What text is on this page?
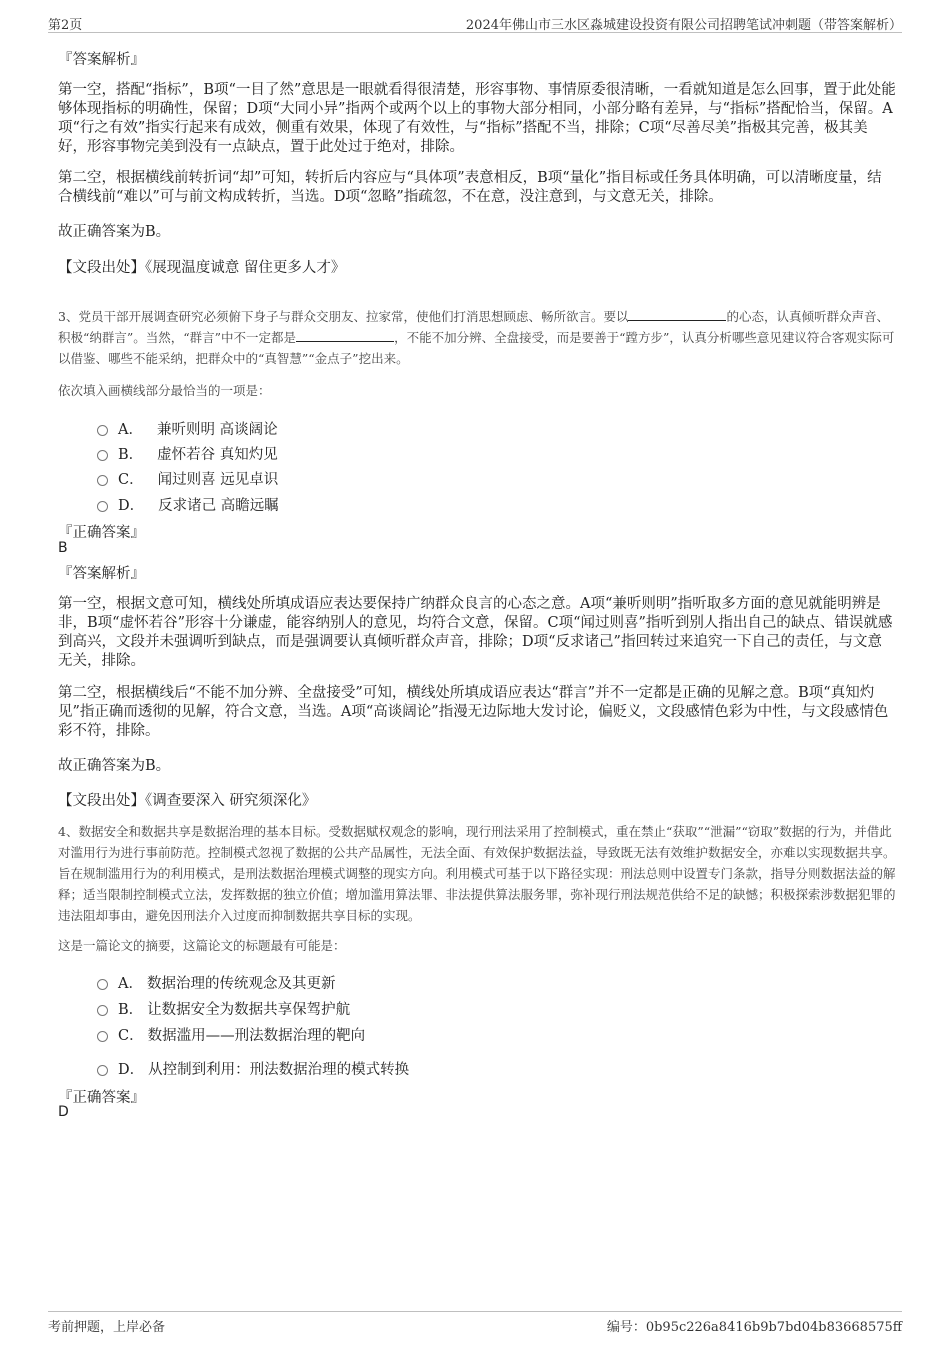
第2页	2024年佛山市三水区淼城建设投资有限公司招聘笔试冲刺题（带答案解析）
『答案解析』

第一空，搭配“指标”，B项“一目了然”意思是一眼就看得很清楚，形容事物、事情原委很清晰，一看就知道是怎么回事，置于此处能够体现指标的明确性，保留；D项“大同小异”指两个或两个以上的事物大部分相同，小部分略有差异，与“指标”搭配恰当，保留。A项“行之有效”指实行起来有成效，侧重有效果，体现了有效性，与“指标”搭配不当，排除；C项“尽善尽美”指极其完善，极其美好，形容事物完美到没有一点缺点，置于此处过于绝对，排除。

第二空，根据横线前转折词“却”可知，转折后内容应与“具体项”表意相反，B项“量化”指目标或任务具体明确，可以清晰度量，结合横线前“难以”可与前文构成转折，当选。D项“忽略”指疏忽，不在意，没注意到，与文意无关，排除。

故正确答案为B。
【文段出处】《展现温度诚意 留住更多人才》

3、党员干部开展调查研究必须俯下身子与群众交朋友、拉家常，使他们打消思想顾虑、畅所欲言。要以	的心态，认真倾听群众声音、积极“纳群言”。当然，“群言”中不一定都是	，不能不加分辨、全盘接受，而是要善于“蹚方步”，认真分析哪些意见建议符合客观实际可以借鉴、哪些不能采纳，把群众中的“真智慧”“金点子”挖出来。

依次填入画横线部分最恰当的一项是：
A． 兼听则明 高谈阔论
B． 虚怀若谷 真知灼见
C． 闻过则喜 远见卓识
D． 反求诸己 高瞻远瞩
『正确答案』
B
『答案解析』

第一空，根据文意可知，横线处所填成语应表达要保持广纳群众良言的心态之意。A项“兼听则明”指听取多方面的意见就能明辨是非，B项“虚怀若谷”形容十分谦虚，能容纳别人的意见，均符合文意，保留。C项“闻过则喜”指听到别人指出自己的缺点、错误就感到高兴，文段并未强调听到缺点，而是强调要认真倾听群众声音，排除；D项“反求诸己”指回转过来追究一下自己的责任，与文意无关，排除。

第二空，根据横线后“不能不加分辨、全盘接受”可知，横线处所填成语应表达“群言”并不一定都是正确的见解之意。B项“真知灼见”指正确而透彻的见解，符合文意，当选。A项“高谈阔论”指漫无边际地大发讨论，偏贬义，文段感情色彩为中性，与文段感情色彩不符，排除。

故正确答案为B。
【文段出处】《调查要深入 研究须深化》

4、数据安全和数据共享是数据治理的基本目标。受数据赋权观念的影响，现行刑法采用了控制模式，重在禁止“获取”“泄漏”“窃取”数据的行为，并借此对滥用行为进行事前防范。控制模式忽视了数据的公共产品属性，无法全面、有效保护数据法益，导致既无法有效维护数据安全，亦难以实现数据共享。旨在规制滥用行为的利用模式，是刑法数据治理模式调整的现实方向。利用模式可基于以下路径实现：刑法总则中设置专门条款，指导分则数据法益的解释；适当限制控制模式立法，发挥数据的独立价值；增加滥用算法罪、非法提供算法服务罪，弥补现行刑法规范供给不足的缺憾；积极探索涉数据犯罪的违法阻却事由，避免因刑法介入过度而抑制数据共享目标的实现。

这是一篇论文的摘要，这篇论文的标题最有可能是：
A． 数据治理的传统观念及其更新
B． 让数据安全为数据共享保驾护航
C． 数据滥用——刑法数据治理的靶向
D． 从控制到利用：刑法数据治理的模式转换
『正确答案』
D
考前押题，上岸必备	编号：0b95c226a8416b9b7bd04b83668575ff
